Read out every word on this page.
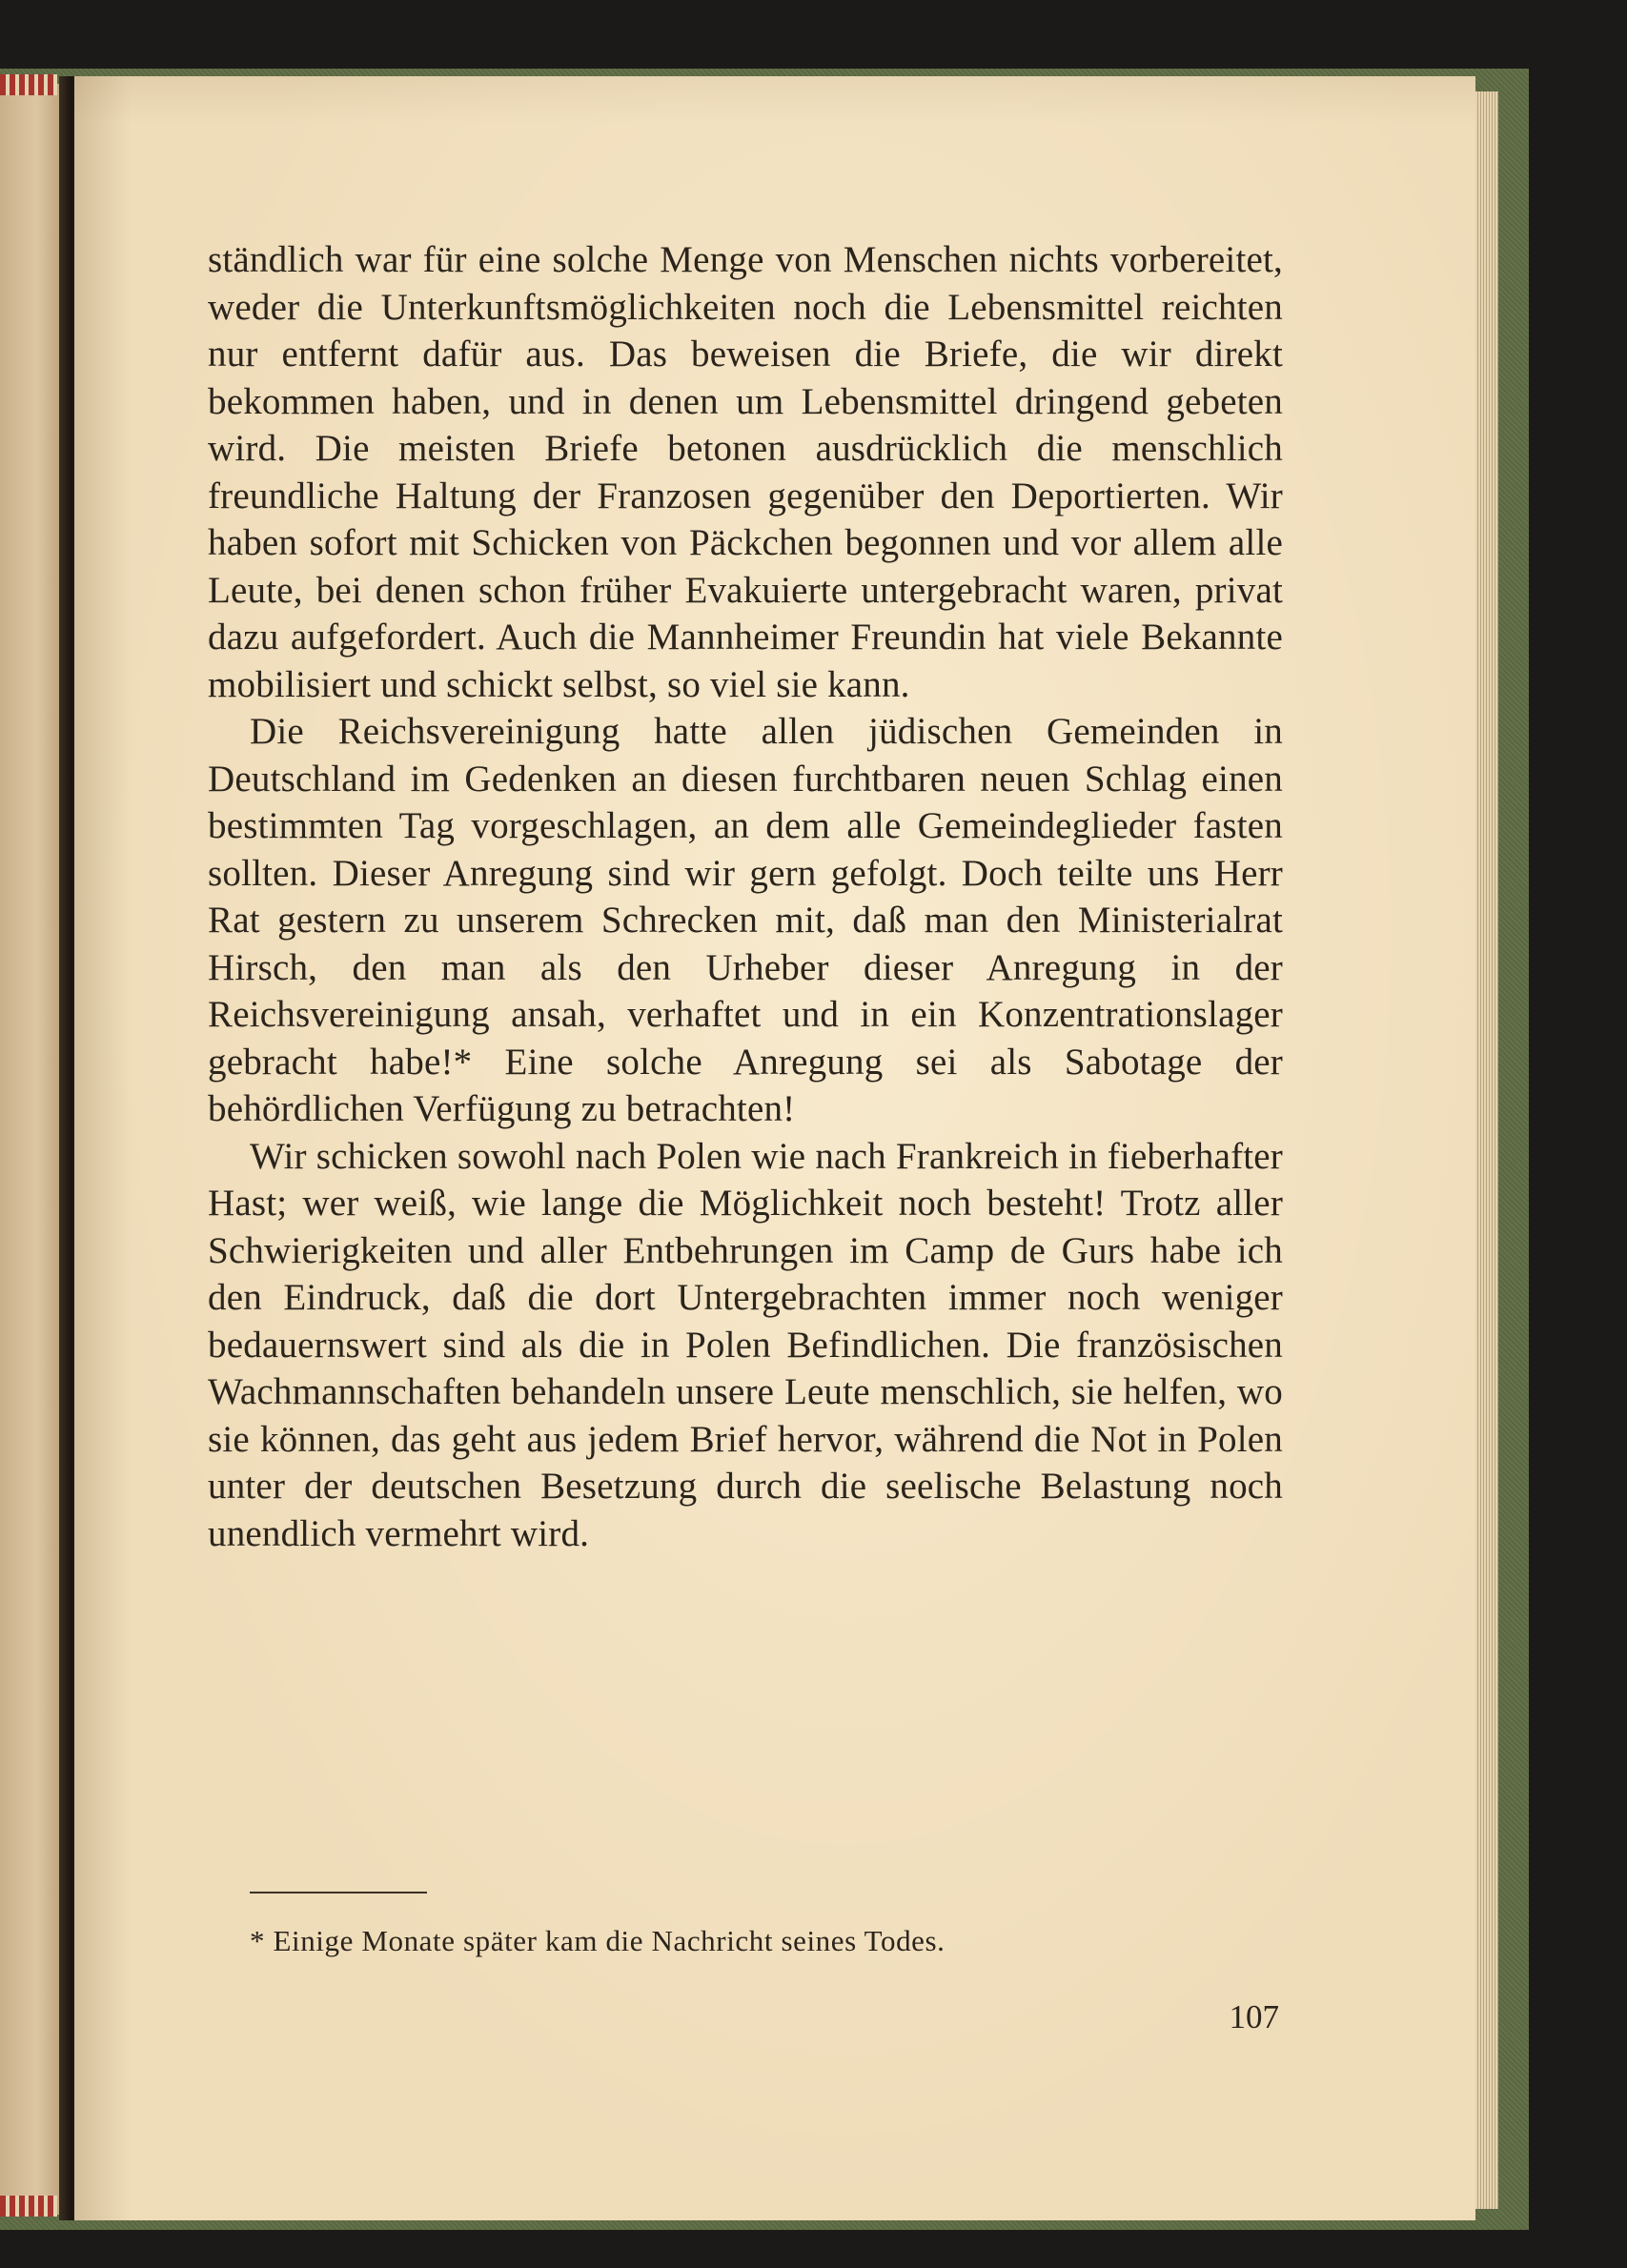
ständlich war für eine solche Menge von Menschen nichts vorbereitet, weder die Unterkunftsmöglichkeiten noch die Lebensmittel reichten nur entfernt dafür aus. Das beweisen die Briefe, die wir direkt bekommen haben, und in denen um Lebensmittel dringend gebeten wird. Die meisten Briefe betonen ausdrücklich die menschlich freundliche Haltung der Franzosen gegenüber den Deportierten. Wir haben sofort mit Schicken von Päckchen begonnen und vor allem alle Leute, bei denen schon früher Evakuierte untergebracht waren, privat dazu aufgefordert. Auch die Mannheimer Freundin hat viele Bekannte mobilisiert und schickt selbst, so viel sie kann.

Die Reichsvereinigung hatte allen jüdischen Gemeinden in Deutschland im Gedenken an diesen furchtbaren neuen Schlag einen bestimmten Tag vorgeschlagen, an dem alle Gemeindeglieder fasten sollten. Dieser Anregung sind wir gern gefolgt. Doch teilte uns Herr Rat gestern zu unserem Schrecken mit, daß man den Ministerialrat Hirsch, den man als den Urheber dieser Anregung in der Reichsvereinigung ansah, verhaftet und in ein Konzentrationslager gebracht habe!* Eine solche Anregung sei als Sabotage der behördlichen Verfügung zu betrachten!

Wir schicken sowohl nach Polen wie nach Frankreich in fieberhafter Hast; wer weiß, wie lange die Möglichkeit noch besteht! Trotz aller Schwierigkeiten und aller Entbehrungen im Camp de Gurs habe ich den Eindruck, daß die dort Untergebrachten immer noch weniger bedauernswert sind als die in Polen Befindlichen. Die französischen Wachmannschaften behandeln unsere Leute menschlich, sie helfen, wo sie können, das geht aus jedem Brief hervor, während die Not in Polen unter der deutschen Besetzung durch die seelische Belastung noch unendlich vermehrt wird.

* Einige Monate später kam die Nachricht seines Todes.
107
